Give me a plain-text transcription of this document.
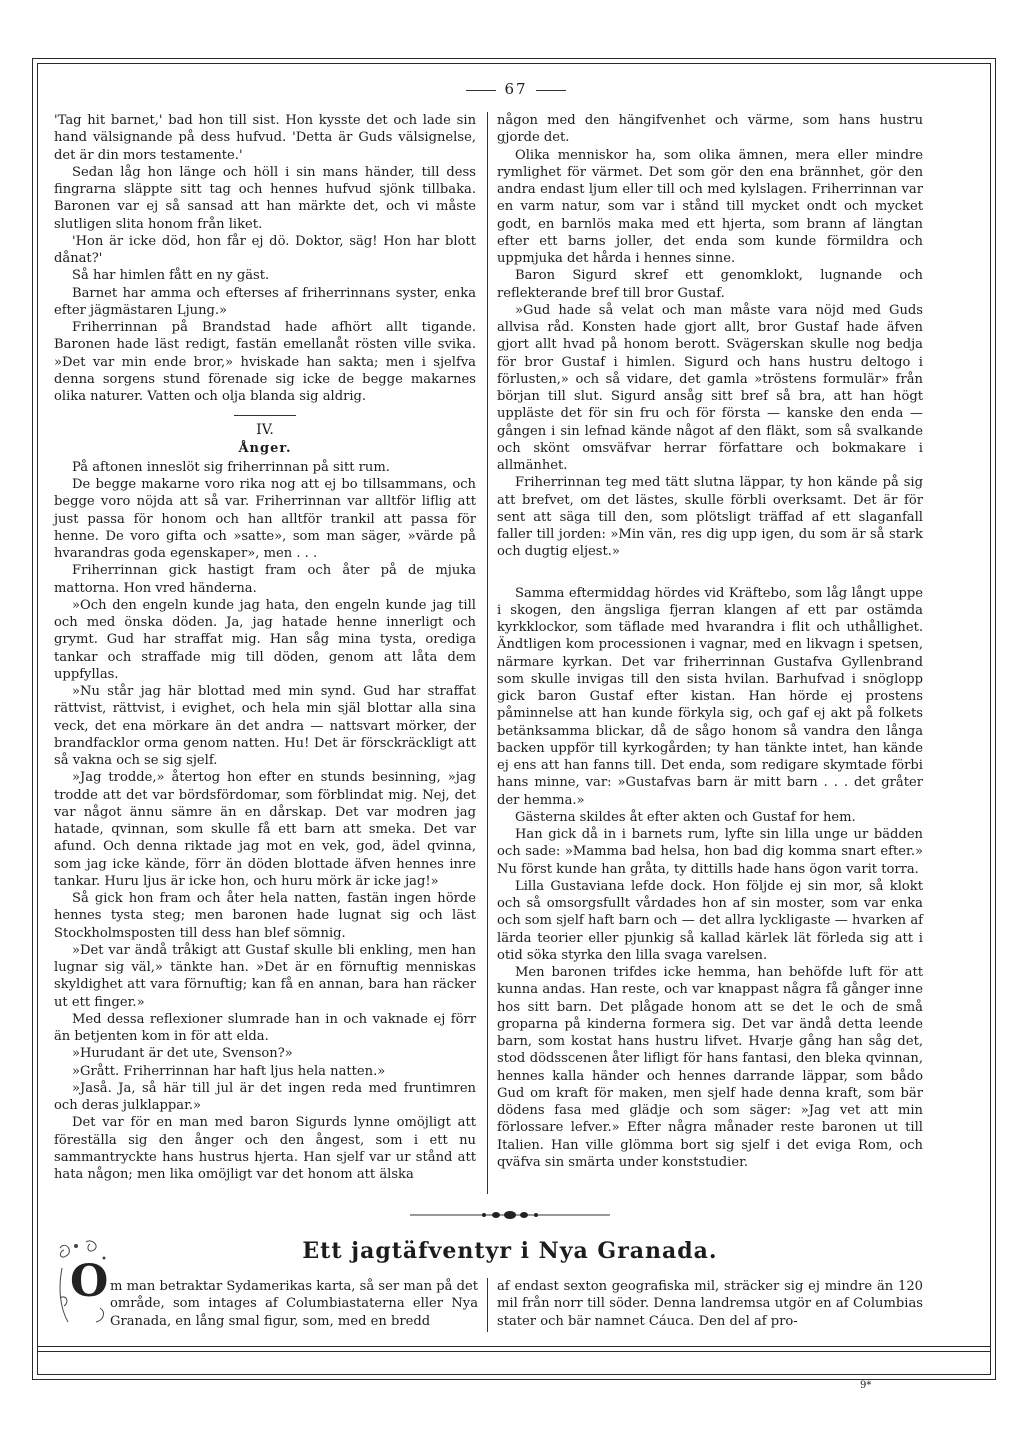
67

'Tag hit barnet,' bad hon till sist. Hon kysste det och lade sin hand välsignande på dess hufvud. 'Detta är Guds välsignelse, det är din mors testamente.'

Sedan låg hon länge och höll i sin mans händer, till dess fingrarna släppte sitt tag och hennes hufvud sjönk tillbaka. Baronen var ej så sansad att han märkte det, och vi måste slutligen slita honom från liket.

'Hon är icke död, hon får ej dö. Doktor, säg! Hon har blott dånat?'

Så har himlen fått en ny gäst.

Barnet har amma och efterses af friherrinnans syster, enka efter jägmästaren Ljung.»

Friherrinnan på Brandstad hade afhört allt tigande. Baronen hade läst redigt, fastän emellanåt rösten ville svika. »Det var min ende bror,» hviskade han sakta; men i sjelfva denna sorgens stund förenade sig icke de begge makarnes olika naturer. Vatten och olja blanda sig aldrig.

IV.
Ånger.

På aftonen inneslöt sig friherrinnan på sitt rum.

De begge makarne voro rika nog att ej bo tillsammans, och begge voro nöjda att så var. Friherrinnan var alltför liflig att just passa för honom och han alltför trankil att passa för henne. De voro gifta och »satte», som man säger, »värde på hvarandras goda egenskaper», men . . .

Friherrinnan gick hastigt fram och åter på de mjuka mattorna. Hon vred händerna.

»Och den engeln kunde jag hata, den engeln kunde jag till och med önska döden. Ja, jag hatade henne innerligt och grymt. Gud har straffat mig. Han såg mina tysta, orediga tankar och straffade mig till döden, genom att låta dem uppfyllas.

»Nu står jag här blottad med min synd. Gud har straffat rättvist, rättvist, i evighet, och hela min själ blottar alla sina veck, det ena mörkare än det andra — nattsvart mörker, der brandfacklor orma genom natten. Hu! Det är försckräckligt att så vakna och se sig sjelf.

»Jag trodde,» återtog hon efter en stunds besinning, »jag trodde att det var bördsfördomar, som förblindat mig. Nej, det var något ännu sämre än en dårskap. Det var modren jag hatade, qvinnan, som skulle få ett barn att smeka. Det var afund. Och denna riktade jag mot en vek, god, ädel qvinna, som jag icke kände, förr än döden blottade äfven hennes inre tankar. Huru ljus är icke hon, och huru mörk är icke jag!»

Så gick hon fram och åter hela natten, fastän ingen hörde hennes tysta steg; men baronen hade lugnat sig och läst Stockholmsposten till dess han blef sömnig.

»Det var ändå tråkigt att Gustaf skulle bli enkling, men han lugnar sig väl,» tänkte han. »Det är en förnuftig menniskas skyldighet att vara förnuftig; kan få en annan, bara han räcker ut ett finger.»

Med dessa reflexioner slumrade han in och vaknade ej förr än betjenten kom in för att elda.

»Hurudant är det ute, Svenson?»

»Grått. Friherrinnan har haft ljus hela natten.»

»Jaså. Ja, så här till jul är det ingen reda med fruntimren och deras julklappar.»

Det var för en man med baron Sigurds lynne omöjligt att föreställa sig den ånger och den ångest, som i ett nu sammantryckte hans hustrus hjerta. Han sjelf var ur stånd att hata någon; men lika omöjligt var det honom att älska

någon med den hängifvenhet och värme, som hans hustru gjorde det.

Olika menniskor ha, som olika ämnen, mera eller mindre rymlighet för värmet. Det som gör den ena brännhet, gör den andra endast ljum eller till och med kylslagen. Friherrinnan var en varm natur, som var i stånd till mycket ondt och mycket godt, en barnlös maka med ett hjerta, som brann af längtan efter ett barns joller, det enda som kunde förmildra och uppmjuka det hårda i hennes sinne.

Baron Sigurd skref ett genomklokt, lugnande och reflekterande bref till bror Gustaf.

»Gud hade så velat och man måste vara nöjd med Guds allvisa råd. Konsten hade gjort allt, bror Gustaf hade äfven gjort allt hvad på honom berott. Svägerskan skulle nog bedja för bror Gustaf i himlen. Sigurd och hans hustru deltogo i förlusten,» och så vidare, det gamla »tröstens formulär» från början till slut. Sigurd ansåg sitt bref så bra, att han högt uppläste det för sin fru och för första — kanske den enda — gången i sin lefnad kände något af den fläkt, som så svalkande och skönt omsväfvar herrar författare och bokmakare i allmänhet.

Friherrinnan teg med tätt slutna läppar, ty hon kände på sig att brefvet, om det lästes, skulle förbli overksamt. Det är för sent att säga till den, som plötsligt träffad af ett slaganfall faller till jorden: »Min vän, res dig upp igen, du som är så stark och dugtig eljest.»

Samma eftermiddag hördes vid Kräftebo, som låg långt uppe i skogen, den ängsliga fjerran klangen af ett par ostämda kyrkklockor, som täflade med hvarandra i flit och uthållighet. Ändtligen kom processionen i vagnar, med en likvagn i spetsen, närmare kyrkan. Det var friherrinnan Gustafva Gyllenbrand som skulle invigas till den sista hvilan. Barhufvad i snöglopp gick baron Gustaf efter kistan. Han hörde ej prostens påminnelse att han kunde förkyla sig, och gaf ej akt på folkets betänksamma blickar, då de sågo honom så vandra den långa backen uppför till kyrkogården; ty han tänkte intet, han kände ej ens att han fanns till. Det enda, som redigare skymtade förbi hans minne, var: »Gustafvas barn är mitt barn . . . det gråter der hemma.»

Gästerna skildes åt efter akten och Gustaf for hem.

Han gick då in i barnets rum, lyfte sin lilla unge ur bädden och sade: »Mamma bad helsa, hon bad dig komma snart efter.» Nu först kunde han gråta, ty dittills hade hans ögon varit torra.

Lilla Gustaviana lefde dock. Hon följde ej sin mor, så klokt och så omsorgsfullt vårdades hon af sin moster, som var enka och som sjelf haft barn och — det allra lyckligaste — hvarken af lärda teorier eller pjunkig så kallad kärlek lät förleda sig att i otid söka styrka den lilla svaga varelsen.

Men baronen trifdes icke hemma, han behöfde luft för att kunna andas. Han reste, och var knappast några få gånger inne hos sitt barn. Det plågade honom att se det le och de små groparna på kinderna formera sig. Det var ändå detta leende barn, som kostat hans hustru lifvet. Hvarje gång han såg det, stod dödsscenen åter lifligt för hans fantasi, den bleka qvinnan, hennes kalla händer och hennes darrande läppar, som bådo Gud om kraft för maken, men sjelf hade denna kraft, som bär dödens fasa med glädje och som säger: »Jag vet att min förlossare lefver.» Efter några månader reste baronen ut till Italien. Han ville glömma bort sig sjelf i det eviga Rom, och qväfva sin smärta under konststudier.

O
Ett jagtäfventyr i Nya Granada.
m man betraktar Sydamerikas karta, så ser man på det område, som intages af Columbiastaterna eller Nya Granada, en lång smal figur, som, med en bredd
af endast sexton geografiska mil, sträcker sig ej mindre än 120 mil från norr till söder. Denna landremsa utgör en af Columbias stater och bär namnet Cáuca. Den del af pro-
9*
